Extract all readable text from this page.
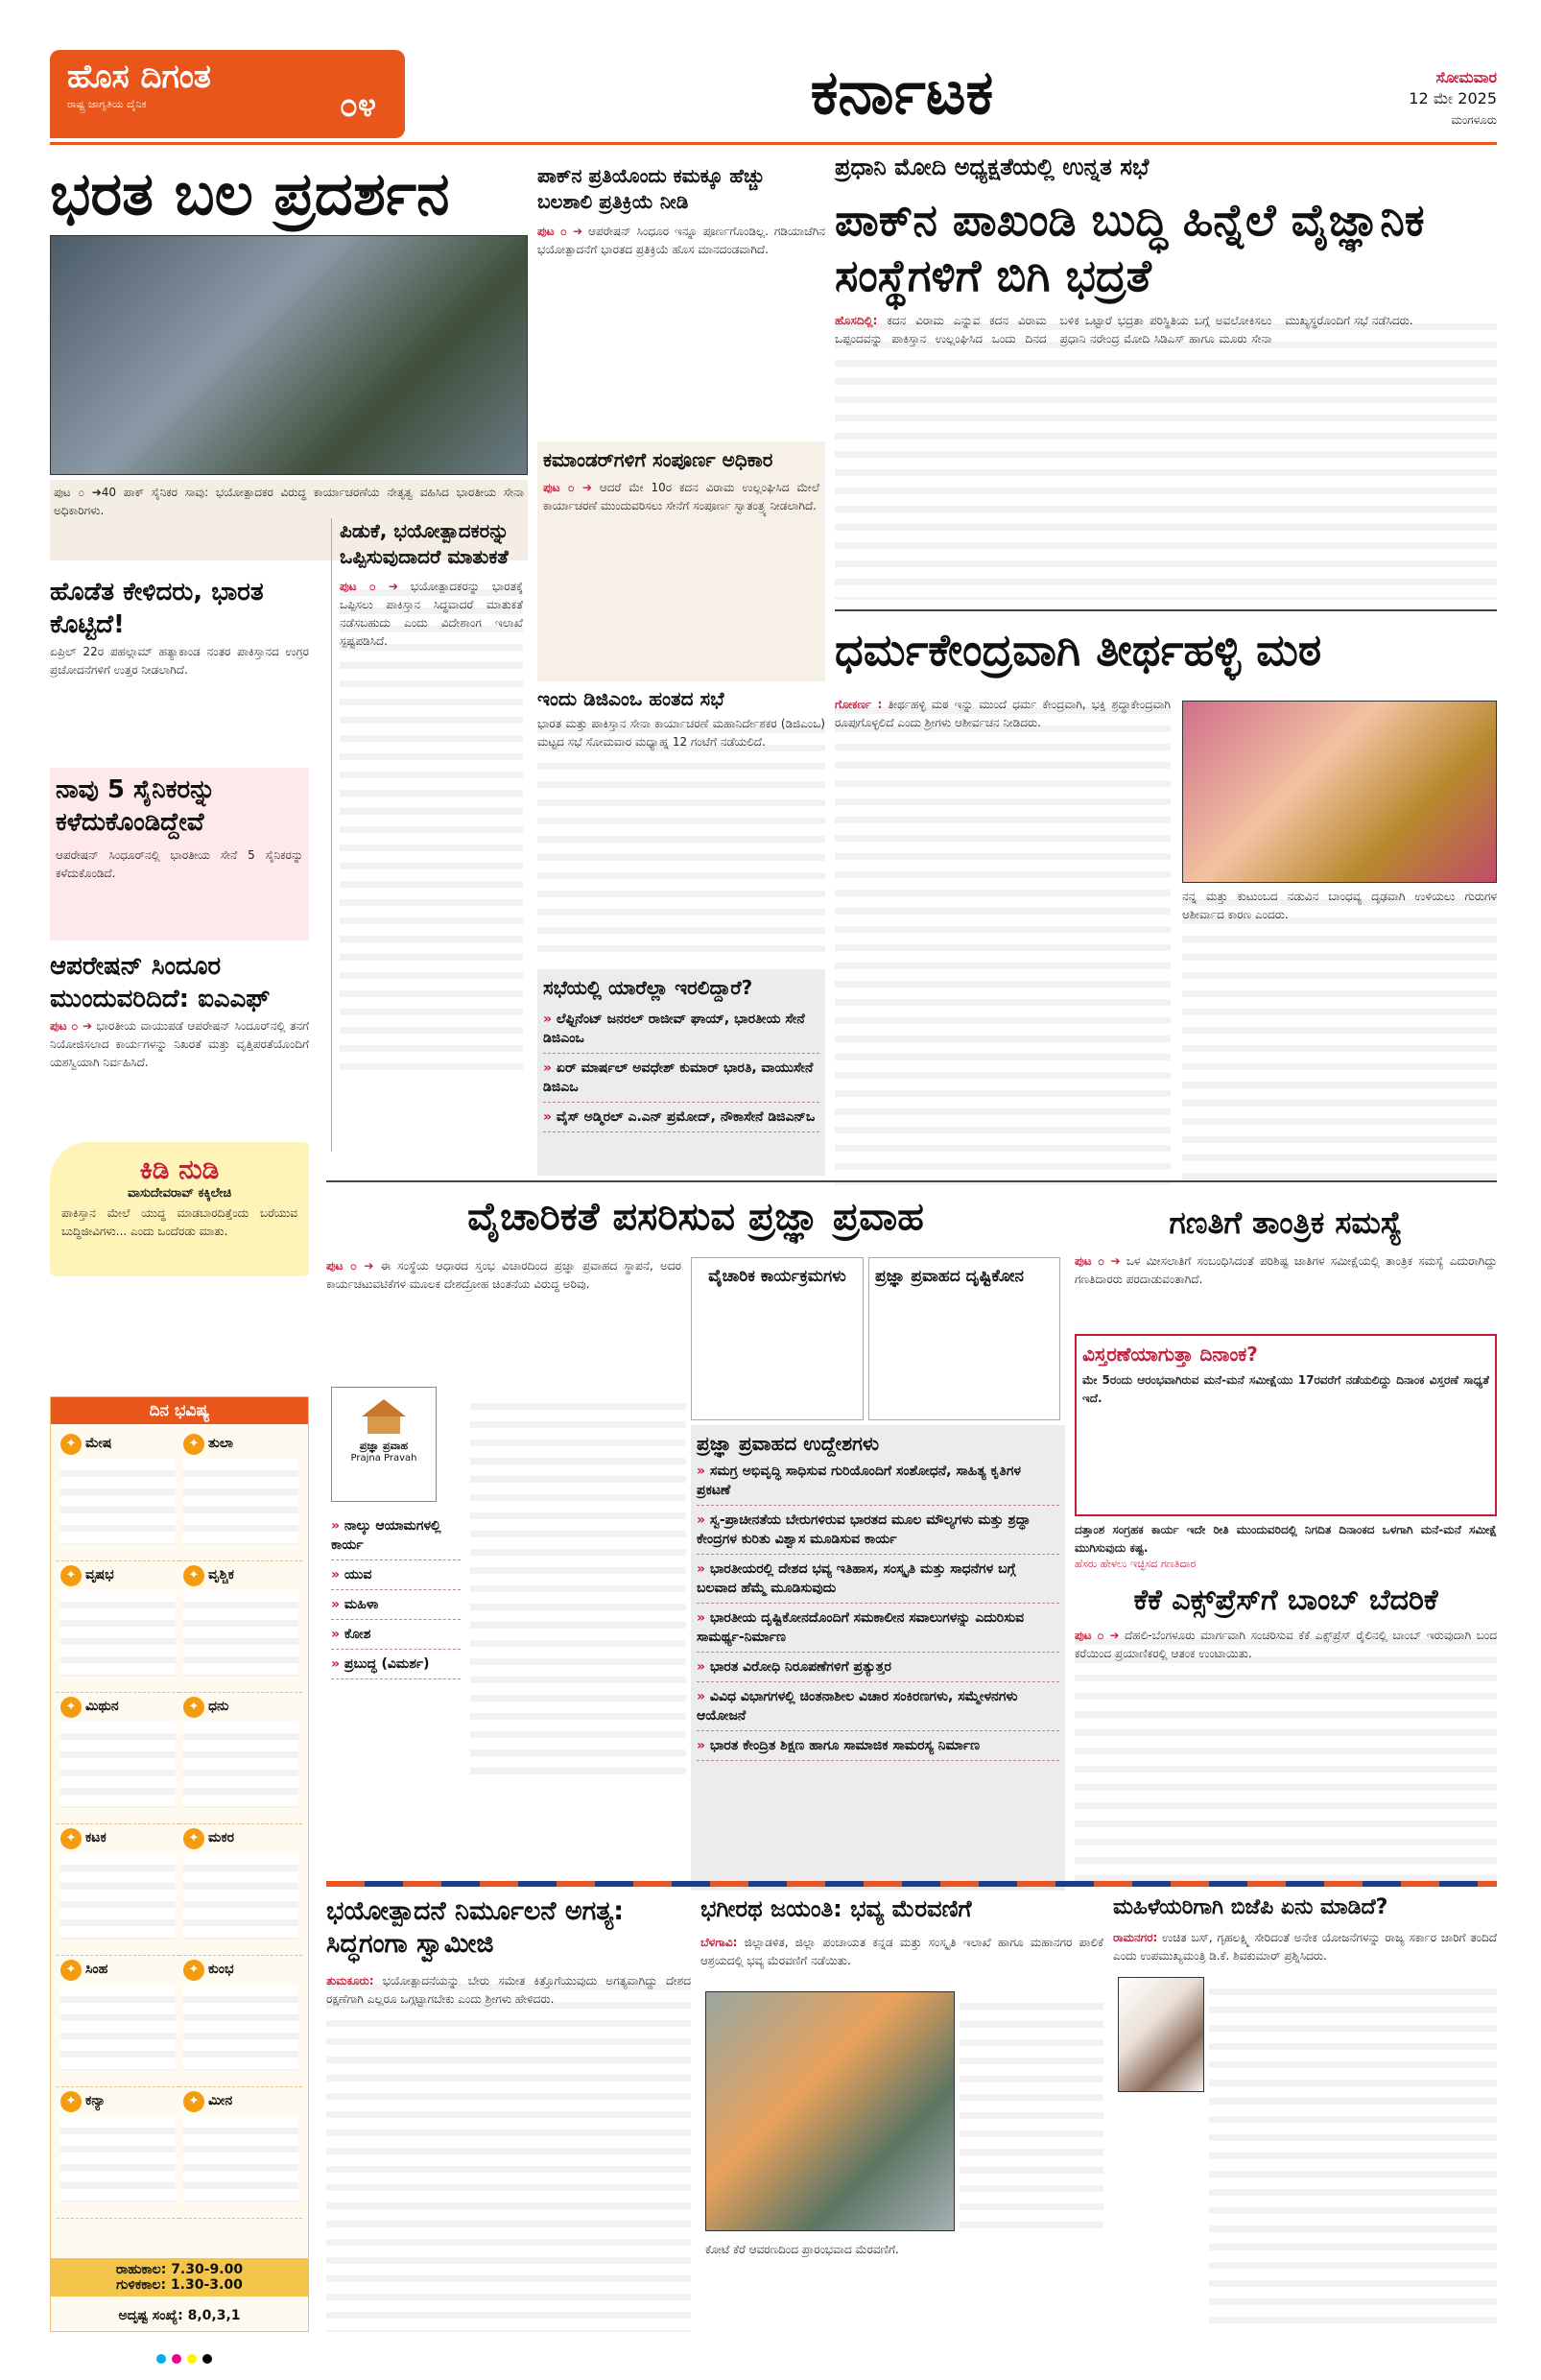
ಹೊಸ ದಿಗಂತ
ರಾಷ್ಟ್ರ ಜಾಗೃತಿಯ ದೈನಿಕ	೦೪	ಕರ್ನಾಟಕ	ಸೋಮವಾರ
12 ಮೇ 2025
ಮಂಗಳೂರು
ಭರತ ಬಲ ಪ್ರದರ್ಶನ
ಪುಟ ೦ ➔40 ಪಾಕ್ ಸೈನಿಕರ ಸಾವು: ಭಯೋತ್ಪಾದಕರ ವಿರುದ್ಧ ಕಾರ್ಯಾಚರಣೆಯ ನೇತೃತ್ವ ವಹಿಸಿದ ಭಾರತೀಯ ಸೇನಾ ಅಧಿಕಾರಿಗಳು.
ಹೊಡೆತ ಕೇಳಿದರು, ಭಾರತ ಕೊಟ್ಟಿದೆ!
ಏಪ್ರಿಲ್ 22ರ ಪಹಲ್ಗಾಮ್ ಹತ್ಯಾಕಾಂಡ ನಂತರ ಪಾಕಿಸ್ತಾನದ ಉಗ್ರರ ಪ್ರಚೋದನೆಗಳಿಗೆ ಉತ್ತರ ನೀಡಲಾಗಿದೆ.
ನಾವು 5 ಸೈನಿಕರನ್ನು ಕಳೆದುಕೊಂಡಿದ್ದೇವೆ
ಆಪರೇಷನ್ ಸಿಂಧೂರ್‌ನಲ್ಲಿ ಭಾರತೀಯ ಸೇನೆ 5 ಸೈನಿಕರನ್ನು ಕಳೆದುಕೊಂಡಿದೆ.
ಆಪರೇಷನ್ ಸಿಂದೂರ ಮುಂದುವರಿದಿದೆ: ಐಎಎಫ್
ಪುಟ ೦ ➔ ಭಾರತೀಯ ವಾಯುಪಡೆ ಆಪರೇಷನ್ ಸಿಂದೂರ್‌ನಲ್ಲಿ ತನಗೆ ನಿಯೋಜಿಸಲಾದ ಕಾರ್ಯಗಳನ್ನು ನಿಖರತೆ ಮತ್ತು ವೃತ್ತಿಪರತೆಯೊಂದಿಗೆ ಯಶಸ್ವಿಯಾಗಿ ನಿರ್ವಹಿಸಿದೆ.
ಕಿಡಿ ನುಡಿ
ವಾಸುದೇವರಾವ್ ಕಕ್ಕಿಲೇಚಿ
ಪಾಕಿಸ್ತಾನ ಮೇಲೆ ಯುದ್ಧ ಮಾಡಬಾರದಿತ್ತೆಂದು ಬರೆಯುವ ಬುದ್ಧಿಜೀವಿಗಳು... ಎಂದು ಒಂದೆರಡು ಮಾತು.
ದಿನ ಭವಿಷ್ಯ
✦ ಮೇಷ	✦ ತುಲಾ
✦ ವೃಷಭ	✦ ವೃಶ್ಚಿಕ
✦ ಮಿಥುನ	✦ ಧನು
✦ ಕಟಕ	✦ ಮಕರ
✦ ಸಿಂಹ	✦ ಕುಂಭ
✦ ಕನ್ಯಾ	✦ ಮೀನ
ರಾಹುಕಾಲ: 7.30-9.00
ಗುಳಿಕಕಾಲ: 1.30-3.00
ಅದೃಷ್ಟ ಸಂಖ್ಯೆ: 8,0,3,1
ಪಾಕ್‌ನ ಪ್ರತಿಯೊಂದು ಕಮಕ್ಕೂ ಹೆಚ್ಚು ಬಲಶಾಲಿ ಪ್ರತಿಕ್ರಿಯೆ ನೀಡಿ
ಪುಟ ೦ ➔ ಆಪರೇಷನ್ ಸಿಂಧೂರ ಇನ್ನೂ ಪೂರ್ಣಗೊಂಡಿಲ್ಲ. ಗಡಿಯಾಚೆಗಿನ ಭಯೋತ್ಪಾದನೆಗೆ ಭಾರತದ ಪ್ರತಿಕ್ರಿಯೆ ಹೊಸ ಮಾನದಂಡವಾಗಿದೆ.
ಕಮಾಂಡರ್‌ಗಳಿಗೆ ಸಂಪೂರ್ಣ ಅಧಿಕಾರ
ಪುಟ ೦ ➔ ಆದರೆ ಮೇ 10ರ ಕದನ ವಿರಾಮ ಉಲ್ಲಂಘಿಸಿದ ಮೇಲೆ ಕಾರ್ಯಾಚರಣೆ ಮುಂದುವರಿಸಲು ಸೇನೆಗೆ ಸಂಪೂರ್ಣ ಸ್ವಾತಂತ್ರ್ಯ ನೀಡಲಾಗಿದೆ.
ಪಿಡುಕೆ, ಭಯೋತ್ಪಾದಕರನ್ನು ಒಪ್ಪಿಸುವುದಾದರೆ ಮಾತುಕತೆ
ಪುಟ ೦ ➔ ಭಯೋತ್ಪಾದಕರನ್ನು ಭಾರತಕ್ಕೆ ಒಪ್ಪಿಸಲು ಪಾಕಿಸ್ತಾನ ಸಿದ್ಧವಾದರೆ ಮಾತುಕತೆ ನಡೆಸಬಹುದು ಎಂದು ವಿದೇಶಾಂಗ ಇಲಾಖೆ ಸ್ಪಷ್ಟಪಡಿಸಿದೆ.
ಇಂದು ಡಿಜಿಎಂಒ ಹಂತದ ಸಭೆ
ಭಾರತ ಮತ್ತು ಪಾಕಿಸ್ತಾನ ಸೇನಾ ಕಾರ್ಯಾಚರಣೆ ಮಹಾನಿರ್ದೇಶಕರ (ಡಿಜಿಎಂಒ) ಮಟ್ಟದ ಸಭೆ ಸೋಮವಾರ ಮಧ್ಯಾಹ್ನ 12 ಗಂಟೆಗೆ ನಡೆಯಲಿದೆ.
ಸಭೆಯಲ್ಲಿ ಯಾರೆಲ್ಲಾ ಇರಲಿದ್ದಾರೆ?
» ಲೆಫ್ಟಿನೆಂಟ್ ಜನರಲ್ ರಾಜೀವ್ ಘಾಯ್, ಭಾರತೀಯ ಸೇನೆ ಡಿಜಿಎಂಒ
» ಏರ್ ಮಾರ್ಷಲ್ ಅವಧೇಶ್ ಕುಮಾರ್ ಭಾರತಿ, ವಾಯುಸೇನೆ ಡಿಜಿಎಒ
» ವೈಸ್ ಅಡ್ಮಿರಲ್ ಎ.ಎನ್ ಪ್ರಮೋದ್, ನೌಕಾಸೇನೆ ಡಿಜಿಎನ್ಒ
ಪ್ರಧಾನಿ ಮೋದಿ ಅಧ್ಯಕ್ಷತೆಯಲ್ಲಿ ಉನ್ನತ ಸಭೆ
ಪಾಕ್‌ನ ಪಾಖಂಡಿ ಬುದ್ಧಿ ಹಿನ್ನೆಲೆ ವೈಜ್ಞಾನಿಕ ಸಂಸ್ಥೆಗಳಿಗೆ ಬಿಗಿ ಭದ್ರತೆ
ಹೊಸದಿಲ್ಲಿ: ಕದನ ವಿರಾಮ ಎನ್ನುವ ಕದನ ವಿರಾಮ ಒಪ್ಪಂದವನ್ನು ಪಾಕಿಸ್ತಾನ ಉಲ್ಲಂಘಿಸಿದ ಒಂದು ದಿನದ ಬಳಿಕ ಒಟ್ಟಾರೆ ಭದ್ರತಾ ಪರಿಸ್ಥಿತಿಯ ಬಗ್ಗೆ ಅವಲೋಕಿಸಲು ಪ್ರಧಾನಿ ನರೇಂದ್ರ ಮೋದಿ ಸಿಡಿಎಸ್ ಹಾಗೂ ಮೂರು ಸೇನಾ ಮುಖ್ಯಸ್ಥರೊಂದಿಗೆ ಸಭೆ ನಡೆಸಿದರು.
ಧರ್ಮಕೇಂದ್ರವಾಗಿ ತೀರ್ಥಹಳ್ಳಿ ಮಠ
ಗೋಕರ್ಣ : ತೀರ್ಥಹಳ್ಳಿ ಮಠ ಇನ್ನು ಮುಂದೆ ಧರ್ಮ ಕೇಂದ್ರವಾಗಿ, ಭಕ್ತಿ ಶ್ರದ್ಧಾಕೇಂದ್ರವಾಗಿ ರೂಪುಗೊಳ್ಳಲಿದೆ ಎಂದು ಶ್ರೀಗಳು ಆಶೀರ್ವಚನ ನೀಡಿದರು.
ನನ್ನ ಮತ್ತು ಕುಟುಂಬದ ನಡುವಿನ ಬಾಂಧವ್ಯ ದೃಢವಾಗಿ ಉಳಿಯಲು ಗುರುಗಳ ಆಶೀರ್ವಾದ ಕಾರಣ ಎಂದರು.
ವೈಚಾರಿಕತೆ ಪಸರಿಸುವ ಪ್ರಜ್ಞಾ ಪ್ರವಾಹ
ಪುಟ ೦ ➔ ಈ ಸಂಸ್ಥೆಯ ಆಧಾರದ ಸ್ತಂಭ ವಿಚಾರದಿಂದ ಪ್ರಜ್ಞಾ ಪ್ರವಾಹದ ಸ್ಥಾಪನೆ, ಅದರ ಕಾರ್ಯಚಟುವಟಿಕೆಗಳ ಮೂಲಕ ದೇಶದ್ರೋಹ ಚಿಂತನೆಯ ವಿರುದ್ಧ ಅರಿವು.	ವೈಚಾರಿಕ ಕಾರ್ಯಕ್ರಮಗಳು	ಪ್ರಜ್ಞಾ ಪ್ರವಾಹದ ದೃಷ್ಟಿಕೋನ
ಪ್ರಜ್ಞಾ ಪ್ರವಾಹ
Prajna Pravah
» ನಾಲ್ಕು ಆಯಾಮಗಳಲ್ಲಿ ಕಾರ್ಯ
» ಯುವ
» ಮಹಿಳಾ
» ಕೋಶ
» ಪ್ರಬುದ್ಧ (ವಿಮರ್ಶ)
ಪ್ರಜ್ಞಾ ಪ್ರವಾಹದ ಉದ್ದೇಶಗಳು
» ಸಮಗ್ರ ಅಭಿವೃದ್ಧಿ ಸಾಧಿಸುವ ಗುರಿಯೊಂದಿಗೆ ಸಂಶೋಧನೆ, ಸಾಹಿತ್ಯ ಕೃತಿಗಳ ಪ್ರಕಟಣೆ
» ಸ್ವ-ಪ್ರಾಚೀನತೆಯ ಬೇರುಗಳಿರುವ ಭಾರತದ ಮೂಲ ಮೌಲ್ಯಗಳು ಮತ್ತು ಶ್ರದ್ಧಾ ಕೇಂದ್ರಗಳ ಕುರಿತು ವಿಶ್ವಾಸ ಮೂಡಿಸುವ ಕಾರ್ಯ
» ಭಾರತೀಯರಲ್ಲಿ ದೇಶದ ಭವ್ಯ ಇತಿಹಾಸ, ಸಂಸ್ಕೃತಿ ಮತ್ತು ಸಾಧನೆಗಳ ಬಗ್ಗೆ ಬಲವಾದ ಹೆಮ್ಮೆ ಮೂಡಿಸುವುದು
» ಭಾರತೀಯ ದೃಷ್ಟಿಕೋನದೊಂದಿಗೆ ಸಮಕಾಲೀನ ಸವಾಲುಗಳನ್ನು ಎದುರಿಸುವ ಸಾಮರ್ಥ್ಯ-ನಿರ್ಮಾಣ
» ಭಾರತ ವಿರೋಧಿ ನಿರೂಪಣೆಗಳಿಗೆ ಪ್ರತ್ಯುತ್ತರ
» ವಿವಿಧ ವಿಭಾಗಗಳಲ್ಲಿ ಚಿಂತನಾಶೀಲ ವಿಚಾರ ಸಂಕಿರಣಗಳು, ಸಮ್ಮೇಳನಗಳು ಆಯೋಜನೆ
» ಭಾರತ ಕೇಂದ್ರಿತ ಶಿಕ್ಷಣ ಹಾಗೂ ಸಾಮಾಜಿಕ ಸಾಮರಸ್ಯ ನಿರ್ಮಾಣ
ಗಣತಿಗೆ ತಾಂತ್ರಿಕ ಸಮಸ್ಯೆ
ಪುಟ ೦ ➔ ಒಳ ಮೀಸಲಾತಿಗೆ ಸಂಬಂಧಿಸಿದಂತೆ ಪರಿಶಿಷ್ಟ ಜಾತಿಗಳ ಸಮೀಕ್ಷೆಯಲ್ಲಿ ತಾಂತ್ರಿಕ ಸಮಸ್ಯೆ ಎದುರಾಗಿದ್ದು ಗಣತಿದಾರರು ಪರದಾಡುವಂತಾಗಿದೆ.
ವಿಸ್ತರಣೆಯಾಗುತ್ತಾ ದಿನಾಂಕ?
ಮೇ 5ರಂದು ಆರಂಭವಾಗಿರುವ ಮನೆ-ಮನೆ ಸಮೀಕ್ಷೆಯು 17ರವರೆಗೆ ನಡೆಯಲಿದ್ದು ದಿನಾಂಕ ವಿಸ್ತರಣೆ ಸಾಧ್ಯತೆ ಇದೆ.
ದತ್ತಾಂಶ ಸಂಗ್ರಹಕ ಕಾರ್ಯ ಇದೇ ರೀತಿ ಮುಂದುವರಿದಲ್ಲಿ ನಿಗದಿತ ದಿನಾಂಕದ ಒಳಗಾಗಿ ಮನೆ-ಮನೆ ಸಮೀಕ್ಷೆ ಮುಗಿಸುವುದು ಕಷ್ಟ.
ಹೆಸರು ಹೇಳಲು ಇಚ್ಛಿಸದ ಗಣತಿದಾರ
ಕೆಕೆ ಎಕ್ಸ್‌ಪ್ರೆಸ್‌ಗೆ ಬಾಂಬ್ ಬೆದರಿಕೆ
ಪುಟ ೦ ➔ ದೆಹಲಿ-ಬೆಂಗಳೂರು ಮಾರ್ಗವಾಗಿ ಸಂಚರಿಸುವ ಕೆಕೆ ಎಕ್ಸ್‌ಪ್ರೆಸ್ ರೈಲಿನಲ್ಲಿ ಬಾಂಬ್ ಇರುವುದಾಗಿ ಬಂದ ಕರೆಯಿಂದ ಪ್ರಯಾಣಿಕರಲ್ಲಿ ಆತಂಕ ಉಂಟಾಯಿತು.
ಭಯೋತ್ಪಾದನೆ ನಿರ್ಮೂಲನೆ ಅಗತ್ಯ: ಸಿದ್ಧಗಂಗಾ ಸ್ವಾಮೀಜಿ
ತುಮಕೂರು: ಭಯೋತ್ಪಾದನೆಯನ್ನು ಬೇರು ಸಮೇತ ಕಿತ್ತೊಗೆಯುವುದು ಅಗತ್ಯವಾಗಿದ್ದು ದೇಶದ ರಕ್ಷಣೆಗಾಗಿ ಎಲ್ಲರೂ ಒಗ್ಗಟ್ಟಾಗಬೇಕು ಎಂದು ಶ್ರೀಗಳು ಹೇಳಿದರು.
ಭಗೀರಥ ಜಯಂತಿ: ಭವ್ಯ ಮೆರವಣಿಗೆ
ಬೆಳಗಾವಿ: ಜಿಲ್ಲಾಡಳಿತ, ಜಿಲ್ಲಾ ಪಂಚಾಯತ ಕನ್ನಡ ಮತ್ತು ಸಂಸ್ಕೃತಿ ಇಲಾಖೆ ಹಾಗೂ ಮಹಾನಗರ ಪಾಲಿಕೆ ಆಶ್ರಯದಲ್ಲಿ ಭವ್ಯ ಮೆರವಣಿಗೆ ನಡೆಯಿತು.
ಕೋಟೆ ಕೆರೆ ಆವರಣದಿಂದ ಪ್ರಾರಂಭವಾದ ಮೆರವಣಿಗೆ.
ಮಹಿಳೆಯರಿಗಾಗಿ ಬಿಜೆಪಿ ಏನು ಮಾಡಿದೆ?
ರಾಮನಗರ: ಉಚಿತ ಬಸ್, ಗೃಹಲಕ್ಷ್ಮಿ ಸೇರಿದಂತೆ ಅನೇಕ ಯೋಜನೆಗಳನ್ನು ರಾಜ್ಯ ಸರ್ಕಾರ ಜಾರಿಗೆ ತಂದಿದೆ ಎಂದು ಉಪಮುಖ್ಯಮಂತ್ರಿ ಡಿ.ಕೆ. ಶಿವಕುಮಾರ್ ಪ್ರಶ್ನಿಸಿದರು.
